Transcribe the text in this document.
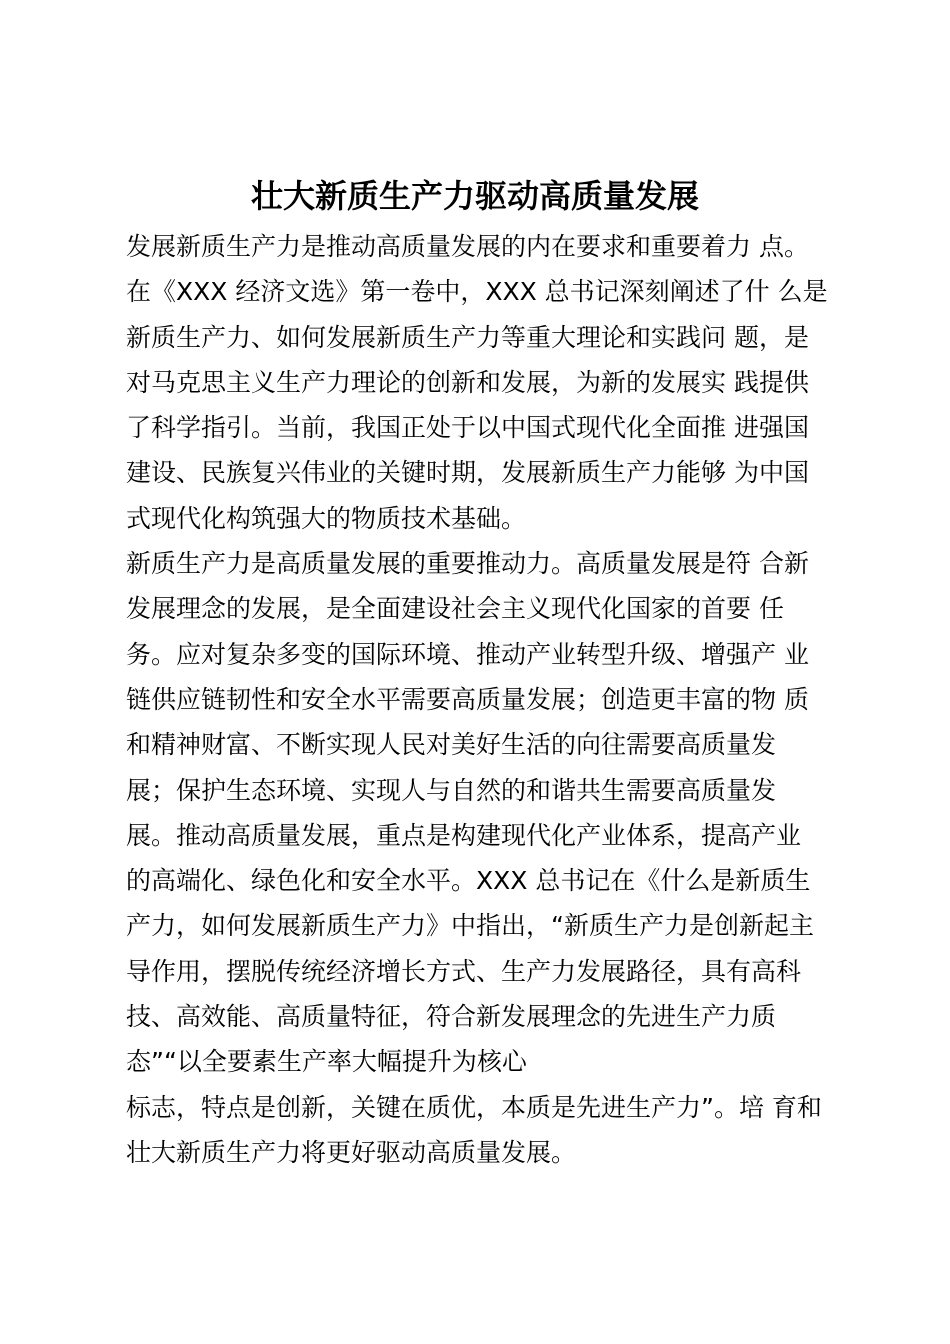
壮大新质生产力驱动高质量发展
发展新质生产力是推动高质量发展的内在要求和重要着力 点。在《XXX 经济文选》第一卷中，XXX 总书记深刻阐述了什 么是新质生产力、如何发展新质生产力等重大理论和实践问 题，是对马克思主义生产力理论的创新和发展，为新的发展实 践提供了科学指引。当前，我国正处于以中国式现代化全面推 进强国建设、民族复兴伟业的关键时期，发展新质生产力能够 为中国式现代化构筑强大的物质技术基础。
新质生产力是高质量发展的重要推动力。高质量发展是符 合新发展理念的发展，是全面建设社会主义现代化国家的首要 任务。应对复杂多变的国际环境、推动产业转型升级、增强产 业链供应链韧性和安全水平需要高质量发展；创造更丰富的物 质和精神财富、不断实现人民对美好生活的向往需要高质量发 展；保护生态环境、实现人与自然的和谐共生需要高质量发 展。推动高质量发展，重点是构建现代化产业体系，提高产业 的高端化、绿色化和安全水平。XXX 总书记在《什么是新质生 产力，如何发展新质生产力》中指出，“新质生产力是创新起主 导作用，摆脱传统经济增长方式、生产力发展路径，具有高科 技、高效能、高质量特征，符合新发展理念的先进生产力质 态”“以全要素生产率大幅提升为核心
标志，特点是创新，关键在质优，本质是先进生产力”。培 育和壮大新质生产力将更好驱动高质量发展。
